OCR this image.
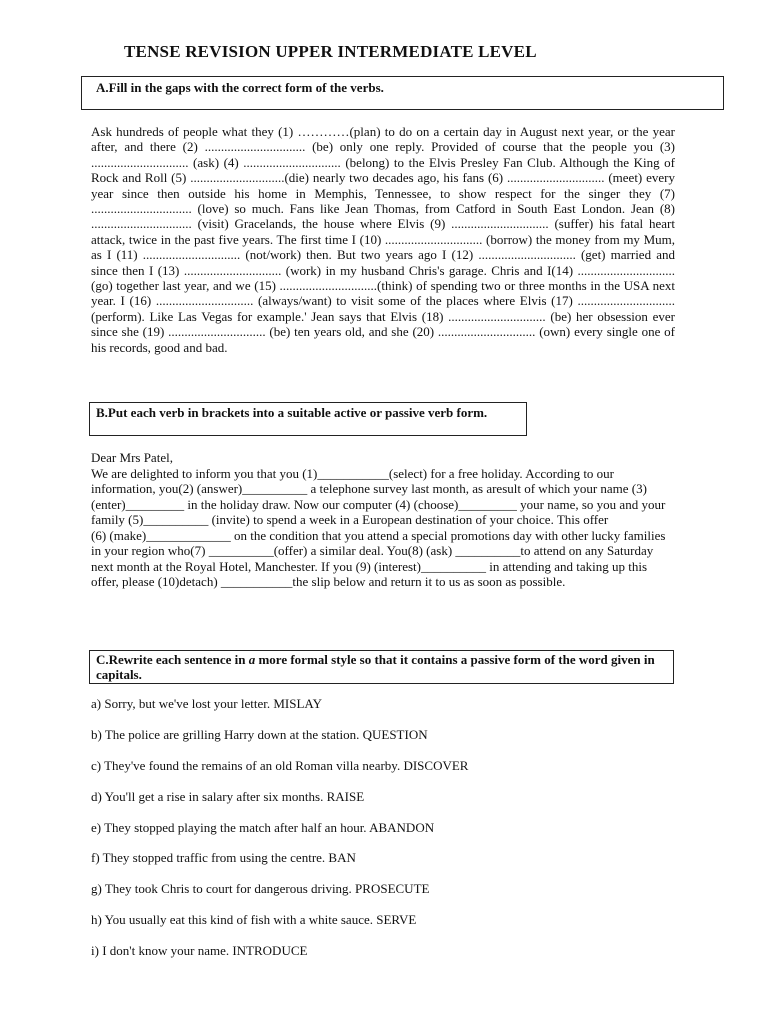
TENSE REVISION UPPER INTERMEDIATE LEVEL
A.Fill in the gaps with the correct form of the verbs.
Ask hundreds of people what they (1) …………(plan) to do on a certain day in August next year, or the year after, and there (2) ............................... (be) only one reply. Provided of course that the people you (3) .............................. (ask) (4) .............................. (belong) to the Elvis Presley Fan Club. Although the King of Rock and Roll (5) .............................(die) nearly two decades ago, his fans (6) .............................. (meet) every year since then outside his home in Memphis, Tennessee, to show respect for the singer they (7) ............................... (love) so much. Fans like Jean Thomas, from Catford in South East London. Jean (8) ............................... (visit) Gracelands, the house where Elvis (9) .............................. (suffer) his fatal heart attack, twice in the past five years. The first time I (10) .............................. (borrow) the money from my Mum, as I (11) .............................. (not/work) then. But two years ago I (12) .............................. (get) married and since then I (13) .............................. (work) in my husband Chris's garage. Chris and I(14) .............................. (go) together last year, and we (15) ..............................(think) of spending two or three months in the USA next year. I (16) .............................. (always/want) to visit some of the places where Elvis (17) .............................. (perform). Like Las Vegas for example.' Jean says that Elvis (18) .............................. (be) her obsession ever since she (19) .............................. (be) ten years old, and she (20) .............................. (own) every single one of his records, good and bad.
B.Put each verb in brackets into a suitable active or passive verb form.

Dear Mrs Patel,

We are delighted to inform you that you (1)___________(select) for a free holiday. According to our information, you(2) (answer)__________ a telephone survey last month, as aresult of which your name (3) (enter)_________ in the holiday draw. Now our computer (4) (choose)_________ your name, so you and your family (5)__________ (invite) to spend a week in a European destination of your choice. This offer

(6) (make)_____________ on the condition that you attend a special promotions day with other lucky families in your region who(7) __________(offer) a similar deal. You(8) (ask) __________to attend on any Saturday next month at the Royal Hotel, Manchester. If you (9) (interest)__________ in attending and taking up this offer, please (10)detach) ___________the slip below and return it to us as soon as possible.

C.Rewrite each sentence in a more formal style so that it contains a passive form of the word given in capitals.
a) Sorry, but we've lost your letter. MISLAY
b) The police are grilling Harry down at the station. QUESTION
c) They've found the remains of an old Roman villa nearby. DISCOVER
d) You'll get a rise in salary after six months. RAISE
e) They stopped playing the match after half an hour. ABANDON
f) They stopped traffic from using the centre. BAN
g) They took Chris to court for dangerous driving. PROSECUTE
h) You usually eat this kind of fish with a white sauce. SERVE
i) I don't know your name. INTRODUCE
